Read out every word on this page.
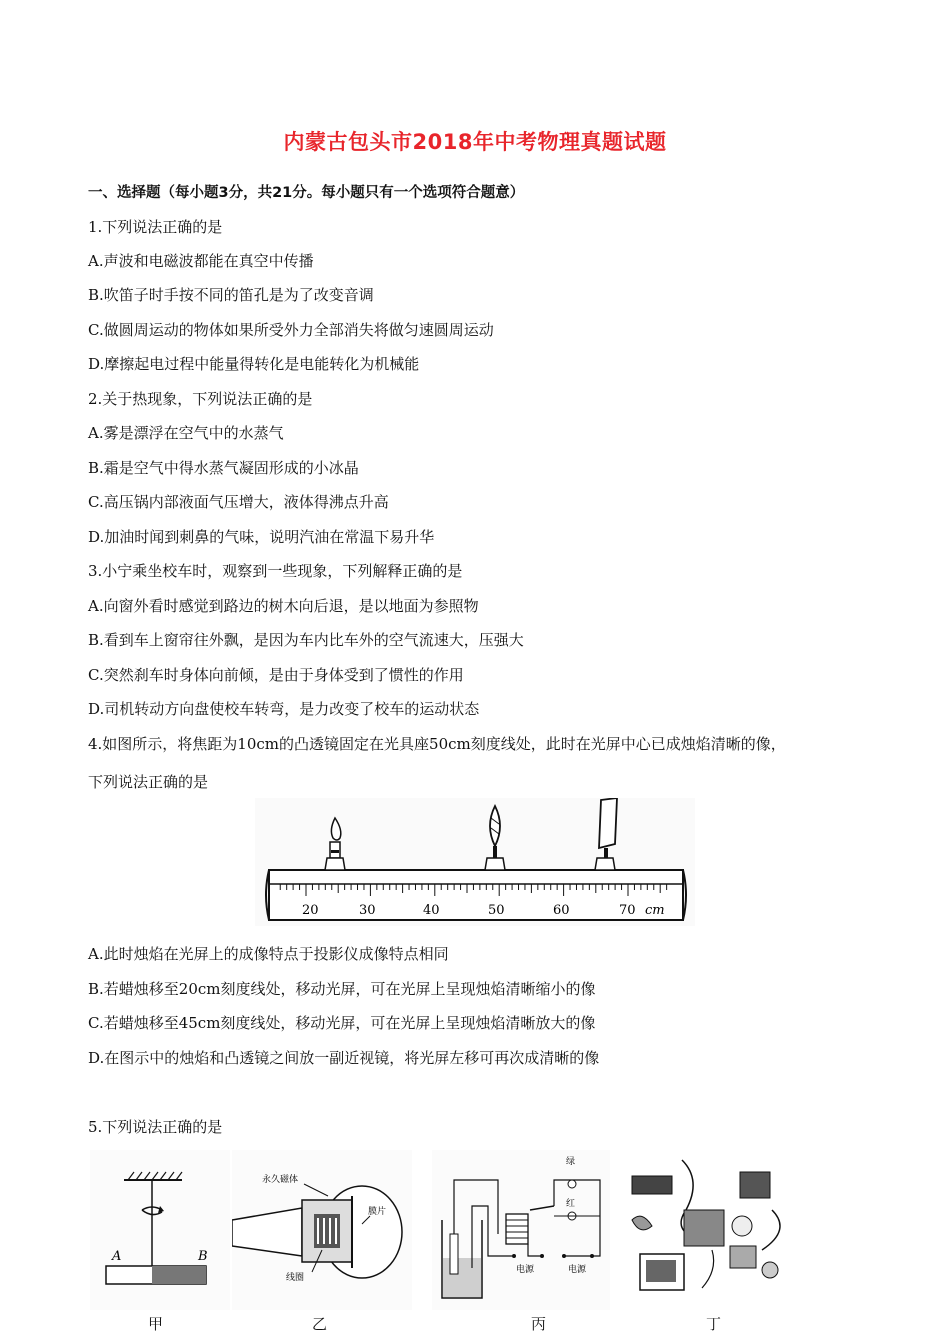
内蒙古包头市2018年中考物理真题试题
一、选择题（每小题3分，共21分。每小题只有一个选项符合题意）
1.下列说法正确的是
A.声波和电磁波都能在真空中传播
B.吹笛子时手按不同的笛孔是为了改变音调
C.做圆周运动的物体如果所受外力全部消失将做匀速圆周运动
D.摩擦起电过程中能量得转化是电能转化为机械能
2.关于热现象，下列说法正确的是
A.雾是漂浮在空气中的水蒸气
B.霜是空气中得水蒸气凝固形成的小冰晶
C.高压锅内部液面气压增大，液体得沸点升高
D.加油时闻到刺鼻的气味，说明汽油在常温下易升华
3.小宁乘坐校车时，观察到一些现象，下列解释正确的是
A.向窗外看时感觉到路边的树木向后退，是以地面为参照物
B.看到车上窗帘往外飘，是因为车内比车外的空气流速大，压强大
C.突然刹车时身体向前倾，是由于身体受到了惯性的作用
D.司机转动方向盘使校车转弯，是力改变了校车的运动状态
4.如图所示，将焦距为10cm的凸透镜固定在光具座50cm刻度线处，此时在光屏中心已成烛焰清晰的像，
下列说法正确的是
20	30	40	50	60	70 cm
A.此时烛焰在光屏上的成像特点于投影仪成像特点相同
B.若蜡烛移至20cm刻度线处，移动光屏，可在光屏上呈现烛焰清晰缩小的像
C.若蜡烛移至45cm刻度线处，移动光屏，可在光屏上呈现烛焰清晰放大的像
D.在图示中的烛焰和凸透镜之间放一副近视镜，将光屏左移可再次成清晰的像
5.下列说法正确的是
A	B
甲
永久磁体
线圈
膜片
乙
绿
红
电源	电源
丙	丁
